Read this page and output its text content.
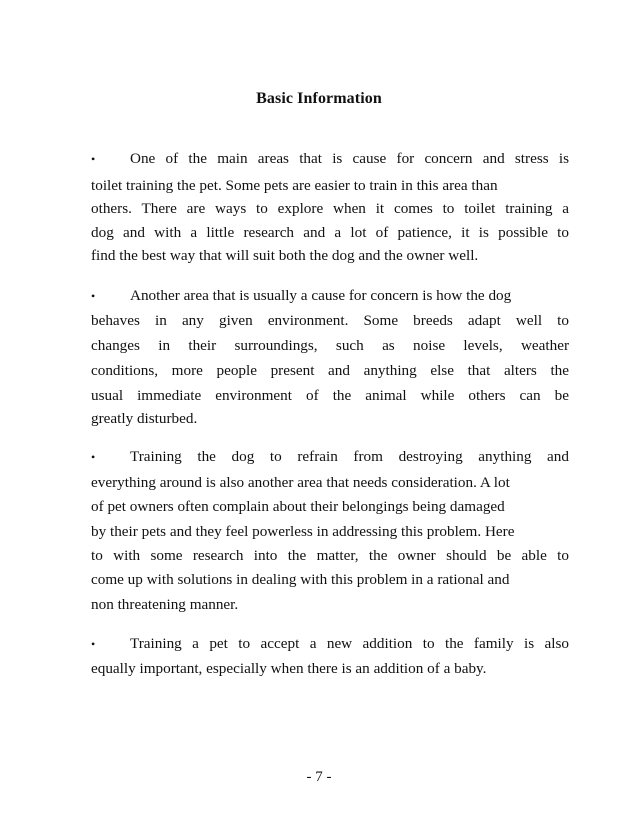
Basic Information
• One of the main areas that is cause for concern and stress is
toilet training the pet. Some pets are easier to train in this area than
others. There are ways to explore when it comes to toilet training a
dog and with a little research and a lot of patience, it is possible to
find the best way that will suit both the dog and the owner well.
• Another area that is usually a cause for concern is how the dog
behaves in any given environment. Some breeds adapt well to
changes in their surroundings, such as noise levels, weather
conditions, more people present and anything else that alters the
usual immediate environment of the animal while others can be
greatly disturbed.
• Training the dog to refrain from destroying anything and
everything around is also another area that needs consideration. A lot
of pet owners often complain about their belongings being damaged
by their pets and they feel powerless in addressing this problem. Here
to with some research into the matter, the owner should be able to
come up with solutions in dealing with this problem in a rational and
non threatening manner.
• Training a pet to accept a new addition to the family is also
equally important, especially when there is an addition of a baby.

- 7 -
